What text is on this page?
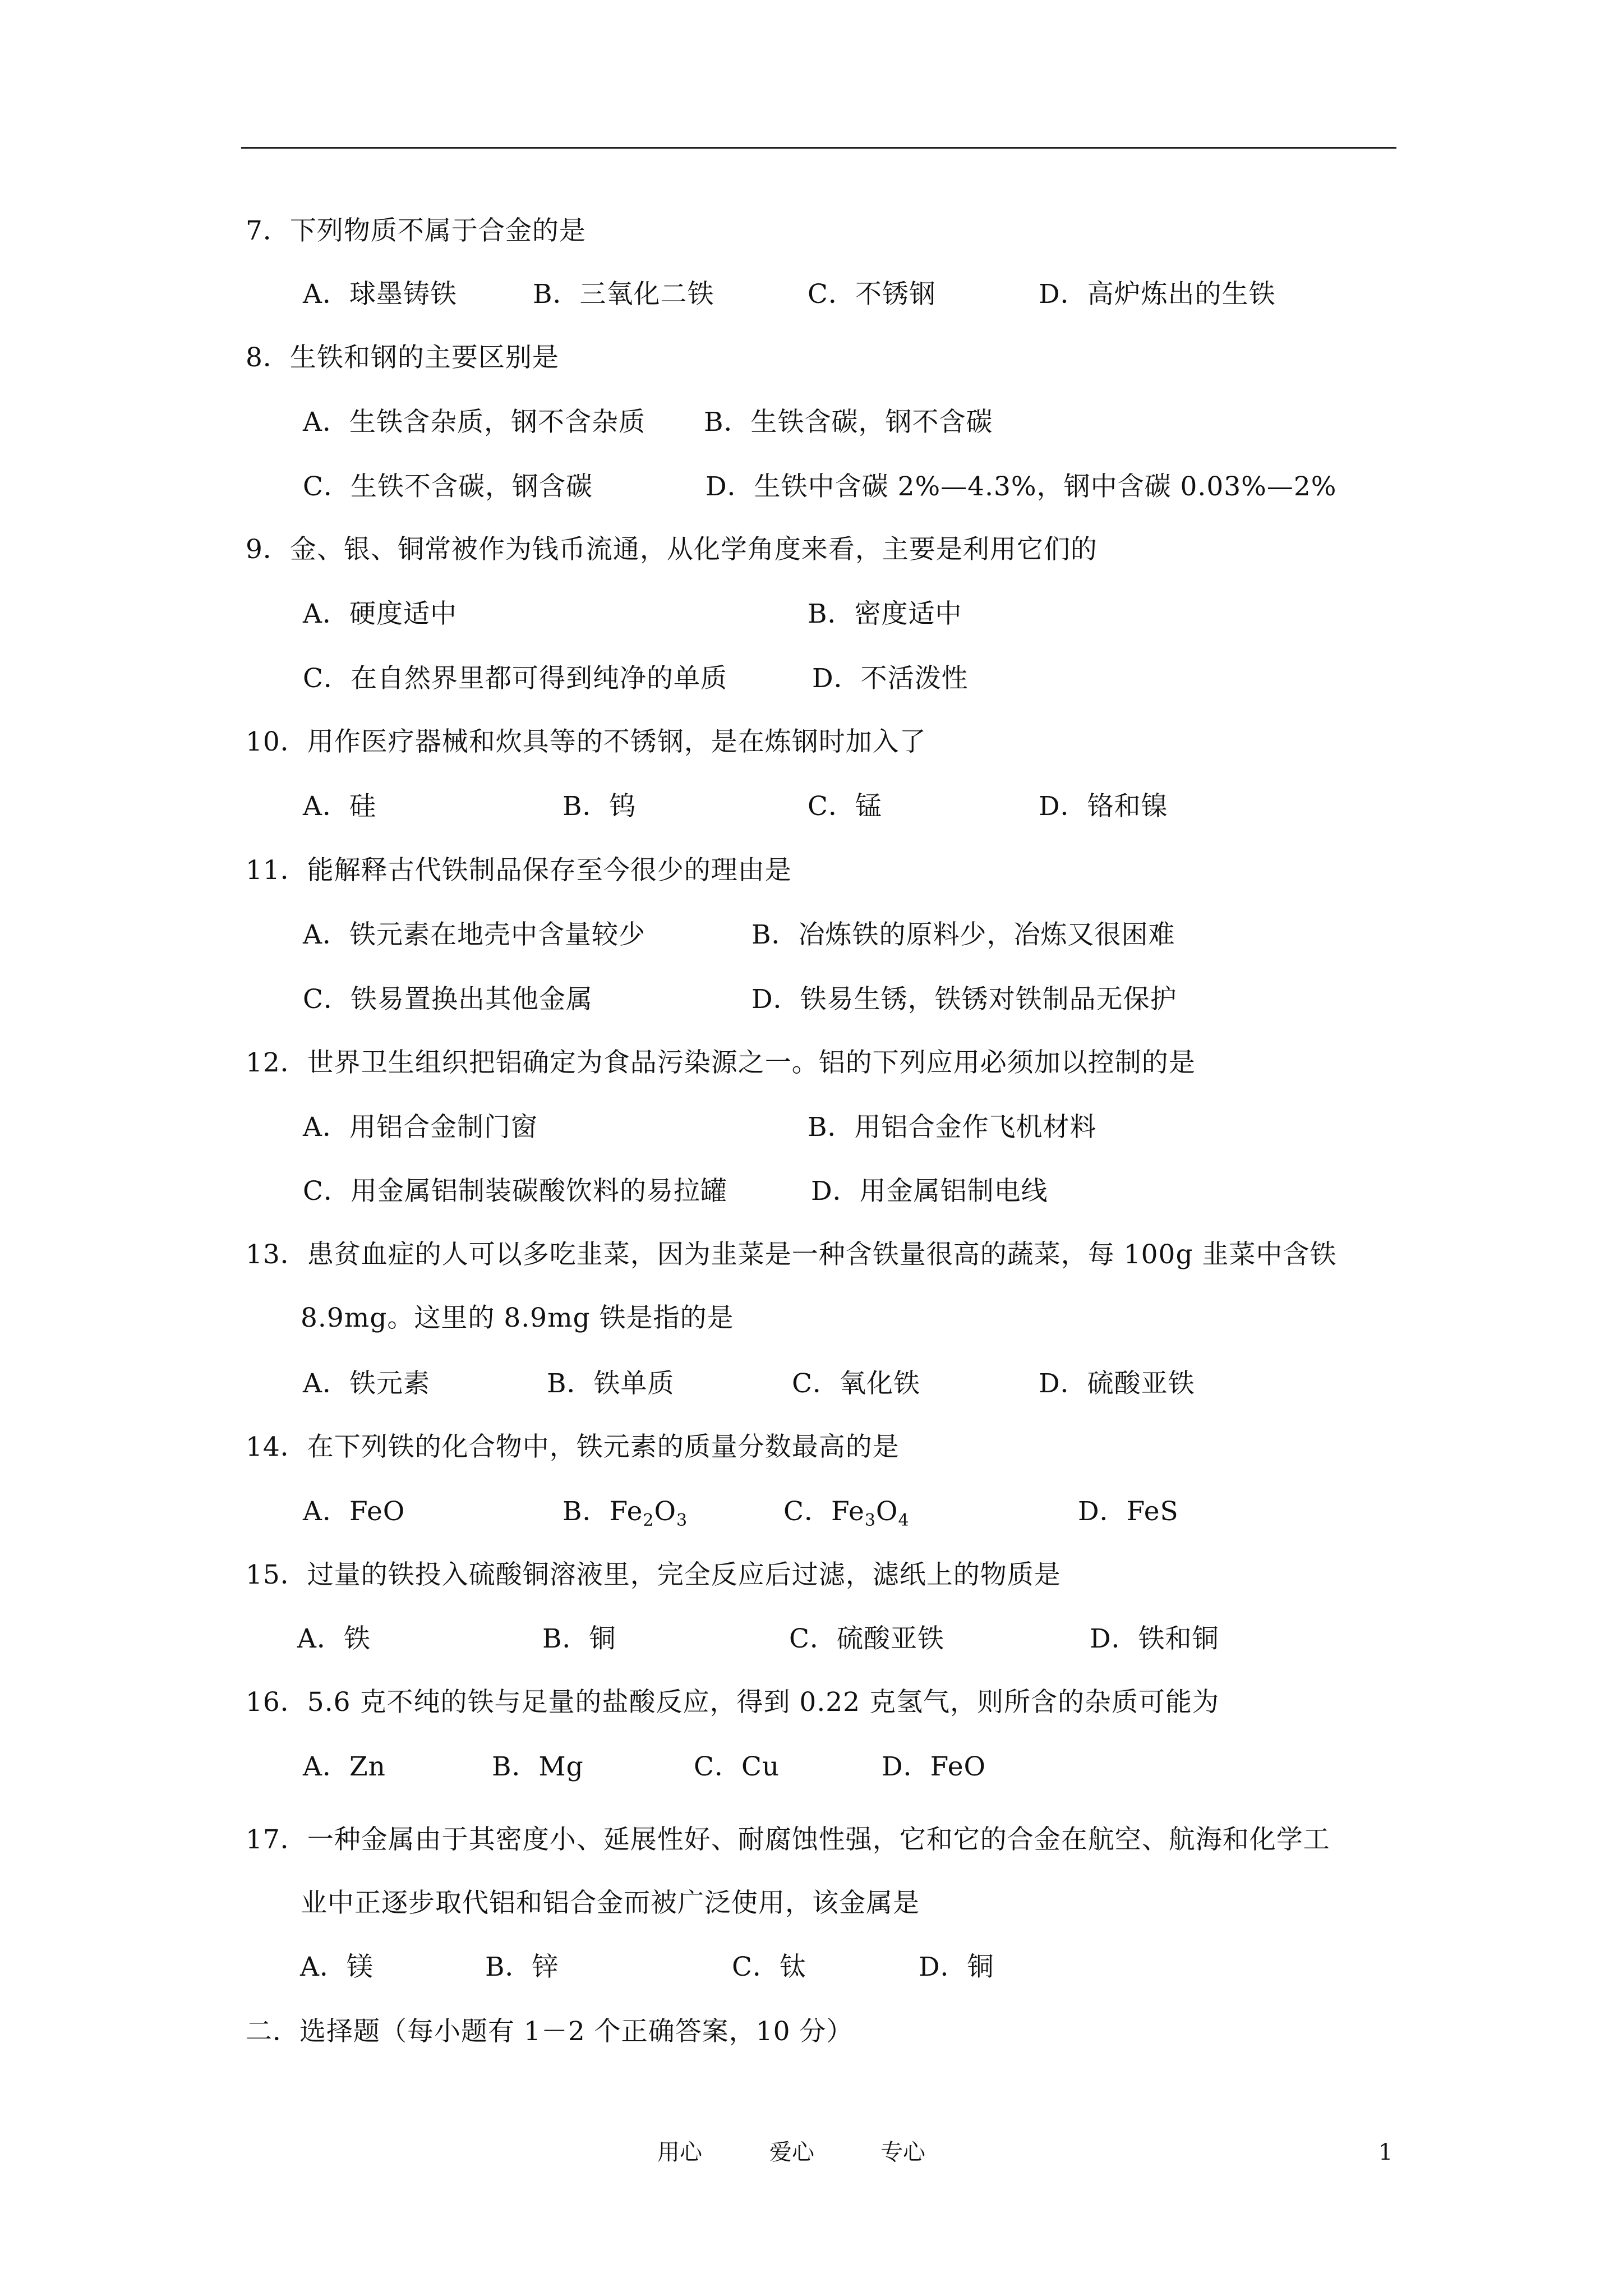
7．下列物质不属于合金的是
A．球墨铸铁	B．三氧化二铁	C．不锈钢	D．高炉炼出的生铁
8．生铁和钢的主要区别是
A．生铁含杂质，钢不含杂质 B．生铁含碳，钢不含碳
C．生铁不含碳，钢含碳	D．生铁中含碳 2%—4.3%，钢中含碳 0.03%—2%
9．金、银、铜常被作为钱币流通，从化学角度来看，主要是利用它们的
A．硬度适中	B．密度适中
C．在自然界里都可得到纯净的单质	D．不活泼性
10．用作医疗器械和炊具等的不锈钢，是在炼钢时加入了
A．硅	B．钨	C．锰	D．铬和镍
11．能解释古代铁制品保存至今很少的理由是
A．铁元素在地壳中含量较少	B．冶炼铁的原料少，冶炼又很困难
C．铁易置换出其他金属	D．铁易生锈，铁锈对铁制品无保护
12．世界卫生组织把铝确定为食品污染源之一。铝的下列应用必须加以控制的是
A．用铝合金制门窗	B．用铝合金作飞机材料
C．用金属铝制装碳酸饮料的易拉罐	D．用金属铝制电线
13．患贫血症的人可以多吃韭菜，因为韭菜是一种含铁量很高的蔬菜，每 100g 韭菜中含铁
8.9mg。这里的 8.9mg 铁是指的是
A．铁元素	B．铁单质	C．氧化铁	D．硫酸亚铁
14．在下列铁的化合物中，铁元素的质量分数最高的是
A．FeO	B．$Fe_2O_3$	C．$Fe_3O_4$	D．FeS
15．过量的铁投入硫酸铜溶液里，完全反应后过滤，滤纸上的物质是
A．铁	B．铜	C．硫酸亚铁	D．铁和铜
16．5.6 克不纯的铁与足量的盐酸反应，得到 0.22 克氢气，则所含的杂质可能为
A．Zn	B．Mg	C．Cu	D．FeO
17．一种金属由于其密度小、延展性好、耐腐蚀性强，它和它的合金在航空、航海和化学工
业中正逐步取代铝和铝合金而被广泛使用，该金属是
A．镁	B．锌	C．钛	D．铜
二．选择题（每小题有 1－2 个正确答案，10 分）
用心	爱心	专心	1
